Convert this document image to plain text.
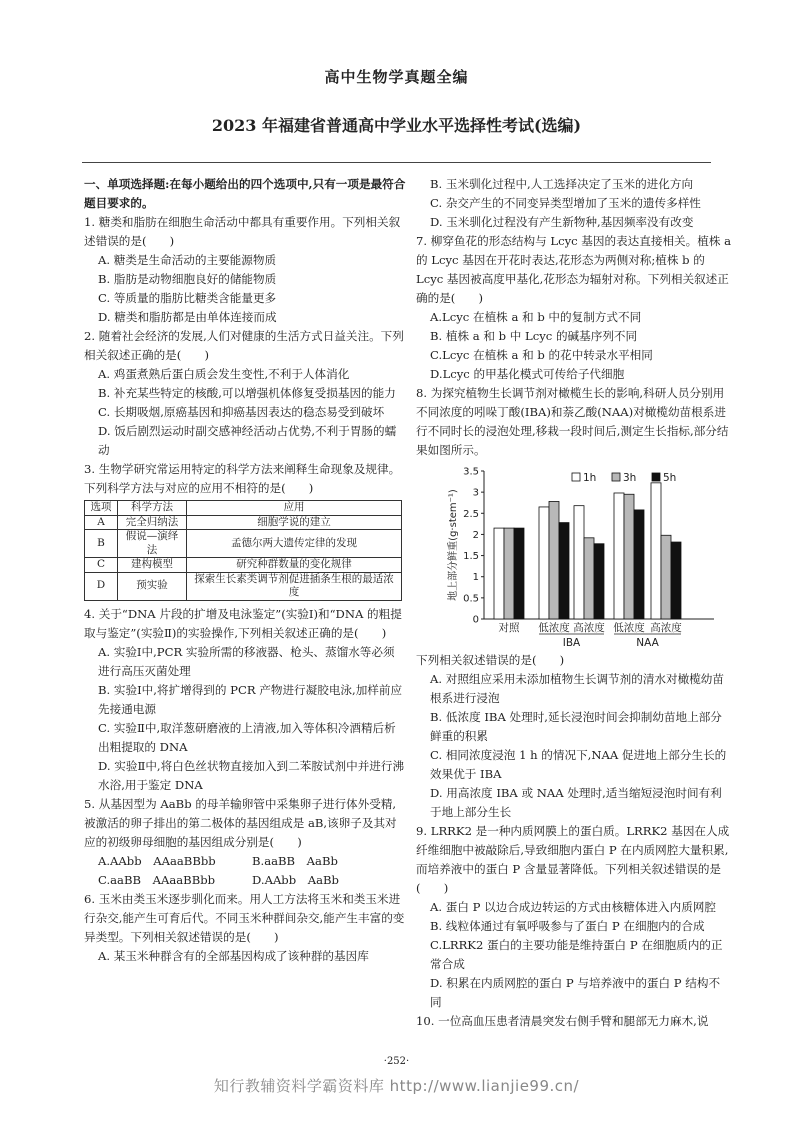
高中生物学真题全编
2023 年福建省普通高中学业水平选择性考试(选编)
一、单项选择题:在每小题给出的四个选项中,只有一项是最符合题目要求的。
1. 糖类和脂肪在细胞生命活动中都具有重要作用。下列相关叙述错误的是(　　)
A. 糖类是生命活动的主要能源物质
B. 脂肪是动物细胞良好的储能物质
C. 等质量的脂肪比糖类含能量更多
D. 糖类和脂肪都是由单体连接而成
2. 随着社会经济的发展,人们对健康的生活方式日益关注。下列相关叙述正确的是(　　)
A. 鸡蛋煮熟后蛋白质会发生变性,不利于人体消化
B. 补充某些特定的核酸,可以增强机体修复受损基因的能力
C. 长期吸烟,原癌基因和抑癌基因表达的稳态易受到破坏
D. 饭后剧烈运动时副交感神经活动占优势,不利于胃肠的蠕动
3. 生物学研究常运用特定的科学方法来阐释生命现象及规律。下列科学方法与对应的应用不相符的是(　　)
选项	科学方法	应用
A	完全归纳法	细胞学说的建立
B	假说—演绎法	孟德尔两大遗传定律的发现
C	建构模型	研究种群数量的变化规律
D	预实验	探索生长素类调节剂促进插条生根的最适浓度
4. 关于“DNA 片段的扩增及电泳鉴定”(实验Ⅰ)和“DNA 的粗提取与鉴定”(实验Ⅱ)的实验操作,下列相关叙述正确的是(　　)
A. 实验Ⅰ中,PCR 实验所需的移液器、枪头、蒸馏水等必须进行高压灭菌处理
B. 实验Ⅰ中,将扩增得到的 PCR 产物进行凝胶电泳,加样前应先接通电源
C. 实验Ⅱ中,取洋葱研磨液的上清液,加入等体积冷酒精后析出粗提取的 DNA
D. 实验Ⅱ中,将白色丝状物直接加入到二苯胺试剂中并进行沸水浴,用于鉴定 DNA
5. 从基因型为 AaBb 的母羊输卵管中采集卵子进行体外受精,被激活的卵子排出的第二极体的基因组成是 aB,该卵子及其对应的初级卵母细胞的基因组成分别是(　　)
A.AAbb　AAaaBBbb	B.aaBB　AaBb
C.aaBB　AAaaBBbb	D.AAbb　AaBb
6. 玉米由类玉米逐步驯化而来。用人工方法将玉米和类玉米进行杂交,能产生可育后代。不同玉米种群间杂交,能产生丰富的变异类型。下列相关叙述错误的是(　　)
A. 某玉米种群含有的全部基因构成了该种群的基因库
B. 玉米驯化过程中,人工选择决定了玉米的进化方向
C. 杂交产生的不同变异类型增加了玉米的遗传多样性
D. 玉米驯化过程没有产生新物种,基因频率没有改变
7. 柳穿鱼花的形态结构与 Lcyc 基因的表达直接相关。植株 a 的 Lcyc 基因在开花时表达,花形态为两侧对称;植株 b 的 Lcyc 基因被高度甲基化,花形态为辐射对称。下列相关叙述正确的是(　　)
A.Lcyc 在植株 a 和 b 中的复制方式不同
B. 植株 a 和 b 中 Lcyc 的碱基序列不同
C.Lcyc 在植株 a 和 b 的花中转录水平相同
D.Lcyc 的甲基化模式可传给子代细胞
8. 为探究植物生长调节剂对橄榄生长的影响,科研人员分别用不同浓度的吲哚丁酸(IBA)和萘乙酸(NAA)对橄榄幼苗根系进行不同时长的浸泡处理,移栽一段时间后,测定生长指标,部分结果如图所示。
0
0.5
1
1.5
2
2.5
3
3.5
地上部分鲜重(g·stem⁻¹)
对照 低浓度 高浓度 低浓度 高浓度
IBA	NAA
1h	3h	5h
下列相关叙述错误的是(　　)
A. 对照组应采用未添加植物生长调节剂的清水对橄榄幼苗根系进行浸泡
B. 低浓度 IBA 处理时,延长浸泡时间会抑制幼苗地上部分鲜重的积累
C. 相同浓度浸泡 1 h 的情况下,NAA 促进地上部分生长的效果优于 IBA
D. 用高浓度 IBA 或 NAA 处理时,适当缩短浸泡时间有利于地上部分生长
9. LRRK2 是一种内质网膜上的蛋白质。LRRK2 基因在人成纤维细胞中被敲除后,导致细胞内蛋白 P 在内质网腔大量积累,而培养液中的蛋白 P 含量显著降低。下列相关叙述错误的是(　　)
A. 蛋白 P 以边合成边转运的方式由核糖体进入内质网腔
B. 线粒体通过有氧呼吸参与了蛋白 P 在细胞内的合成
C.LRRK2 蛋白的主要功能是维持蛋白 P 在细胞质内的正常合成
D. 积累在内质网腔的蛋白 P 与培养液中的蛋白 P 结构不同
10. 一位高血压患者清晨突发右侧手臂和腿部无力麻木,说
·252·
知行教辅资料学霸资料库 http://www.lianjie99.cn/
